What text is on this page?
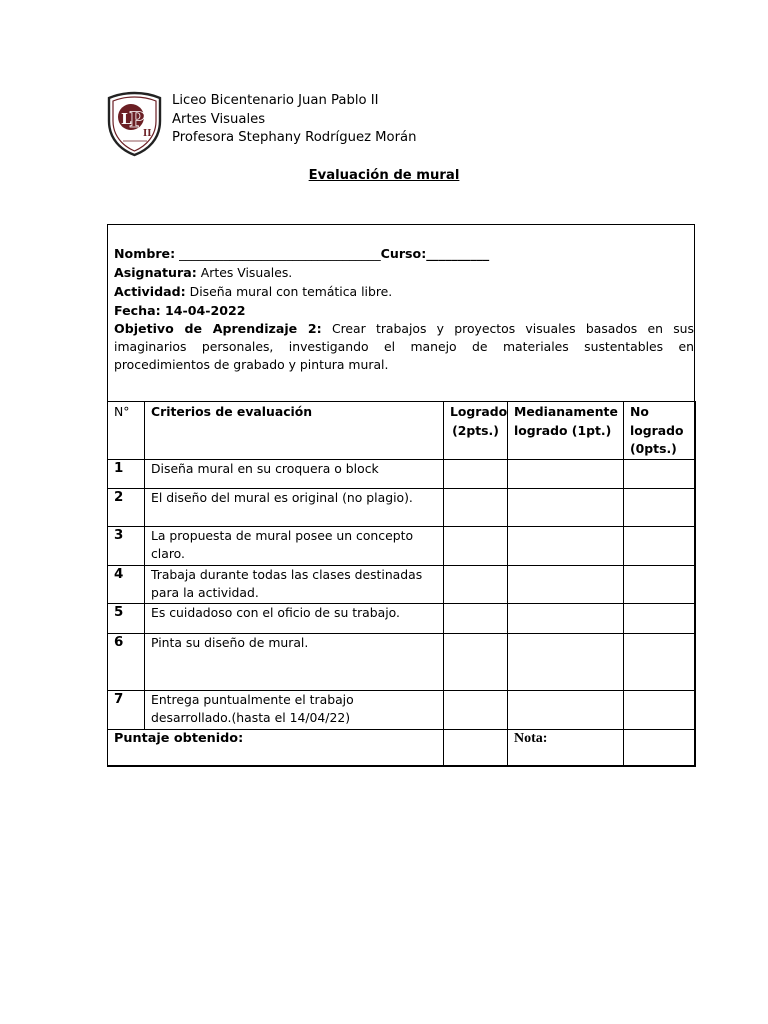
L
P
II
Liceo Bicentenario Juan Pablo II
Artes Visuales
Profesora Stephany Rodríguez Morán
Evaluación de mural
Nombre: ________________________________Curso:__________
Asignatura: Artes Visuales.
Actividad: Diseña mural con temática libre.
Fecha: 14-04-2022
Objetivo de Aprendizaje 2: Crear trabajos y proyectos visuales basados en sus imaginarios personales, investigando el manejo de materiales sustentables en procedimientos de grabado y pintura mural.
N°	Criterios de evaluación	Logrado (2pts.)	Medianamente logrado (1pt.)	No logrado (0pts.)
1	Diseña mural en su croquera o block			
2	El diseño del mural es original (no plagio).			
3	La propuesta de mural posee un concepto claro.			
4	Trabaja durante todas las clases destinadas para la actividad.			
5	Es cuidadoso con el oficio de su trabajo.			
6	Pinta su diseño de mural.			
7	Entrega puntualmente el trabajo desarrollado.(hasta el 14/04/22)			
Puntaje obtenido:			Nota:	
